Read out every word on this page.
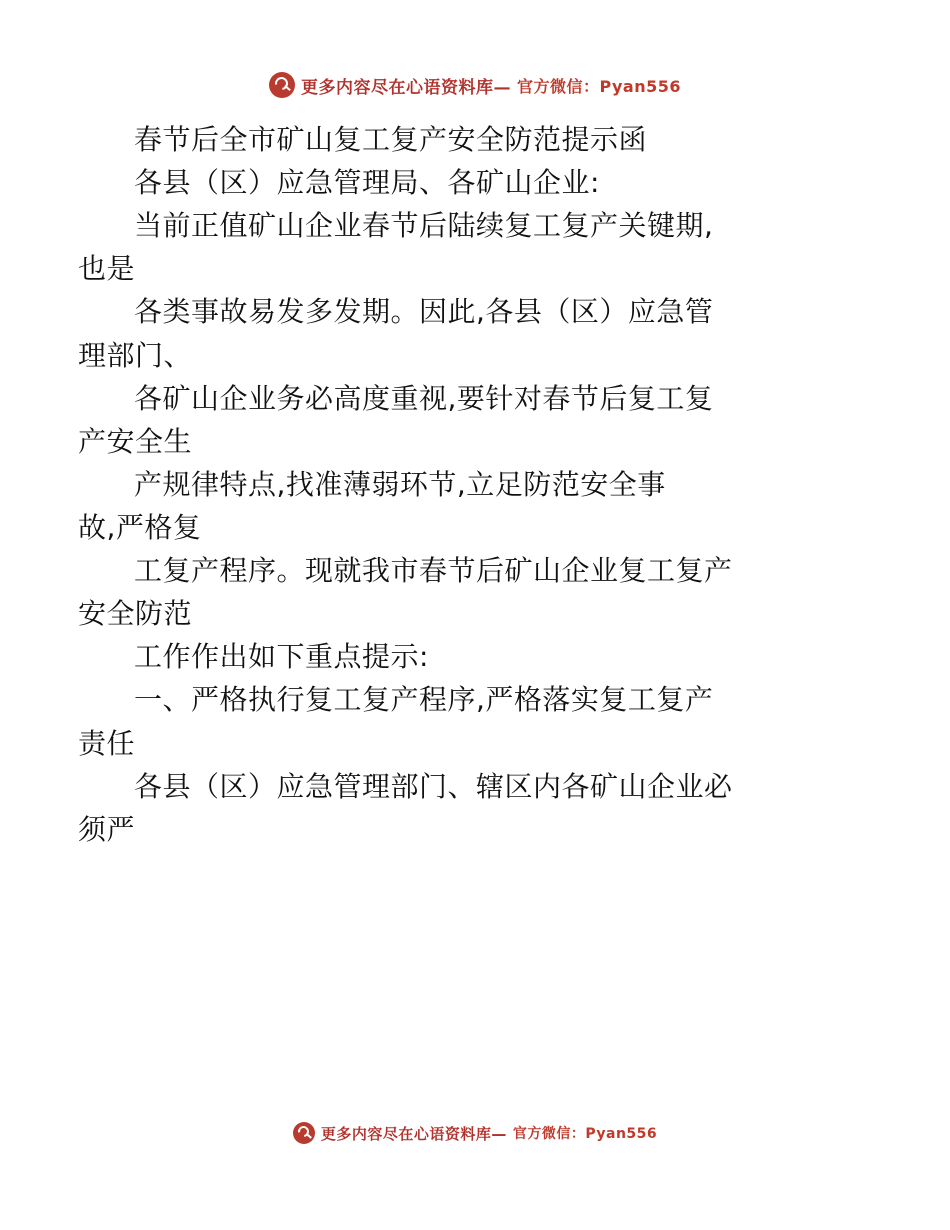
更多内容尽在心语资料库— 官方微信：Pyan556
春节后全市矿山复工复产安全防范提示函
各县（区）应急管理局、各矿山企业:
当前正值矿山企业春节后陆续复工复产关键期,
也是
各类事故易发多发期。因此,各县（区）应急管
理部门、
各矿山企业务必高度重视,要针对春节后复工复
产安全生
产规律特点,找准薄弱环节,立足防范安全事
故,严格复
工复产程序。现就我市春节后矿山企业复工复产
安全防范
工作作出如下重点提示:
一、严格执行复工复产程序,严格落实复工复产
责任
各县（区）应急管理部门、辖区内各矿山企业必
须严
更多内容尽在心语资料库— 官方微信：Pyan556
